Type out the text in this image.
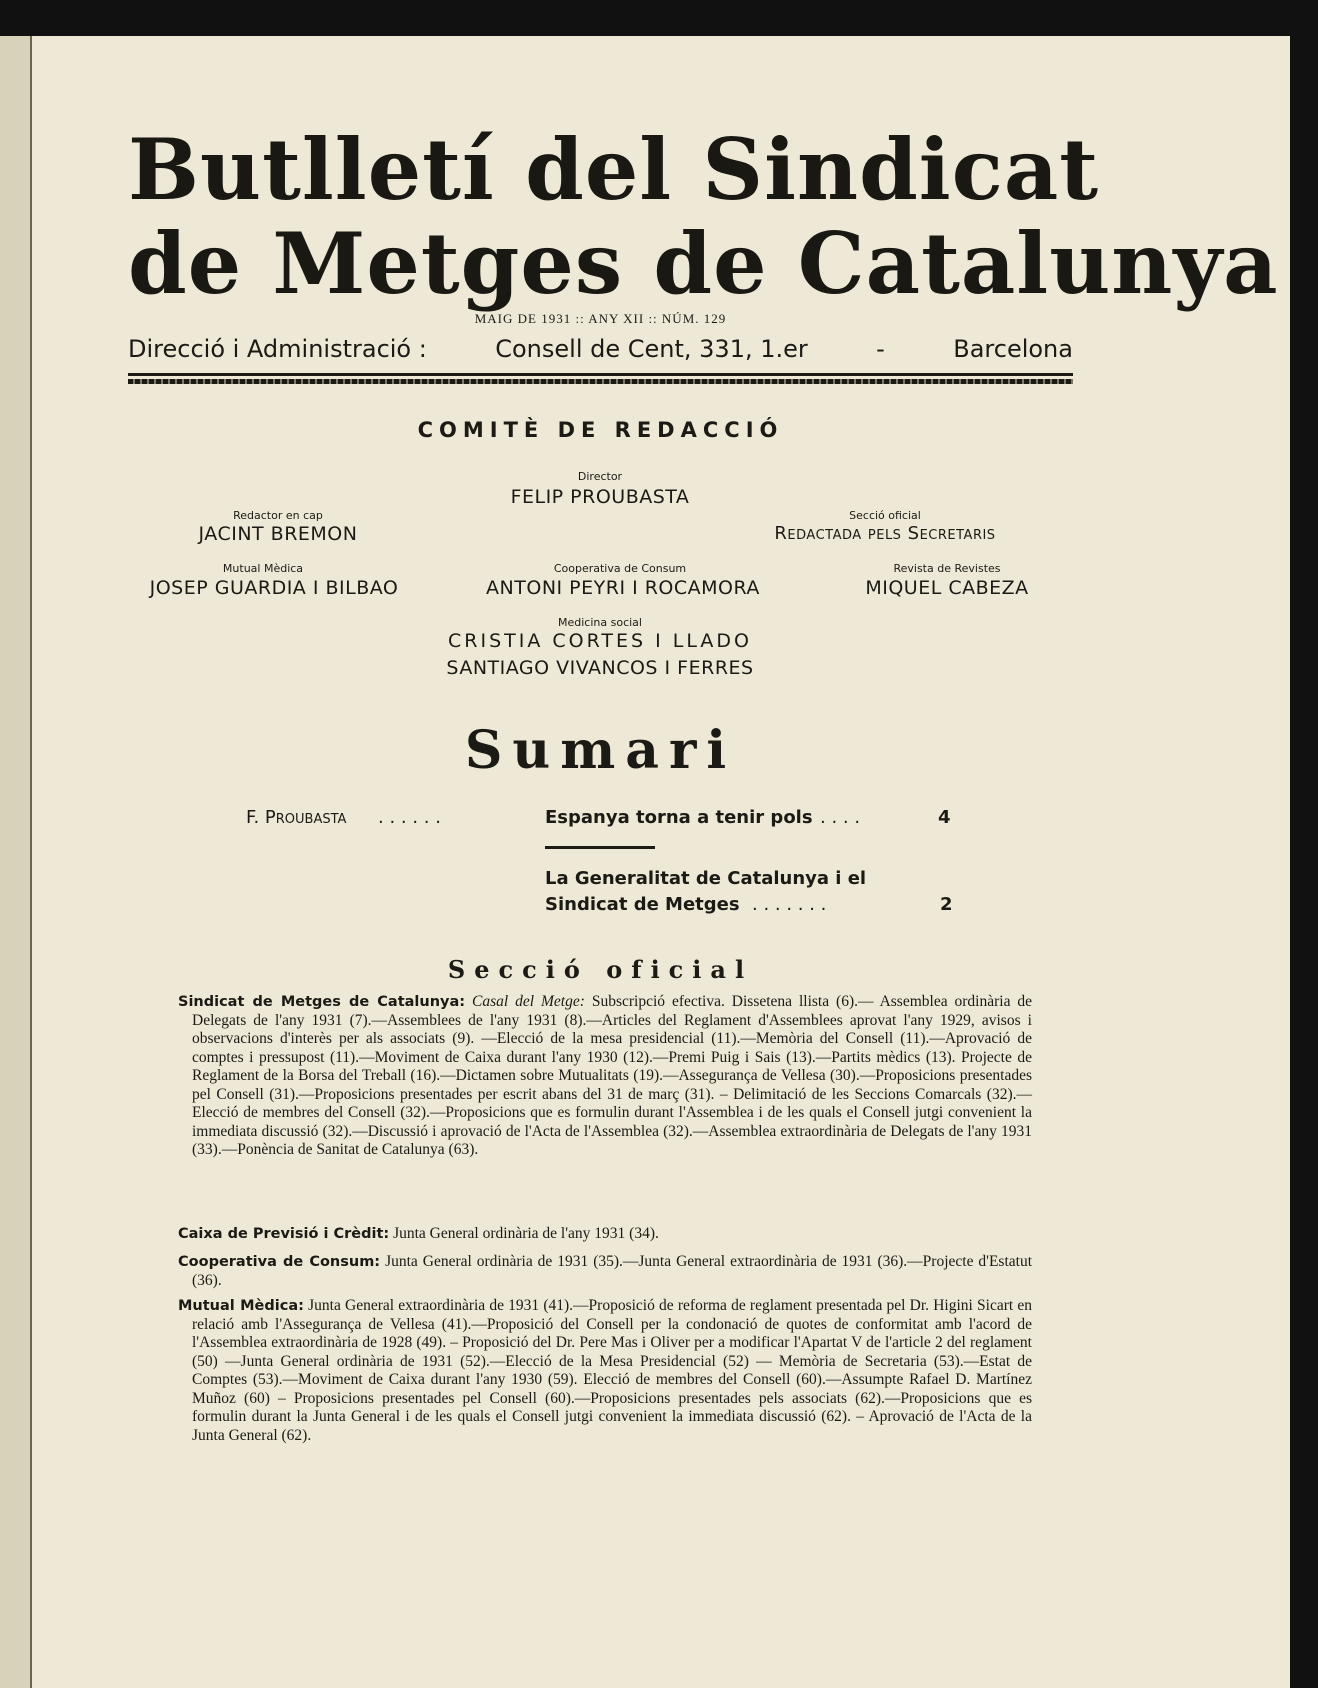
Butlletí del Sindicat
de Metges de Catalunya
MAIG DE 1931 :: ANY XII :: NÚM. 129
Direcció i Administració :	Consell de Cent, 331, 1.er	-	Barcelona
COMITÈ DE REDACCIÓ
Director
FELIP PROUBASTA
Redactor en cap
JACINT BREMON
Secció oficial
Redactada pels Secretaris
Mutual Mèdica
JOSEP GUARDIA I BILBAO
Cooperativa de Consum
ANTONI PEYRI I ROCAMORA
Revista de Revistes
MIQUEL CABEZA
Medicina social
CRISTIA CORTES I LLADO
SANTIAGO VIVANCOS I FERRES
Sumari
F. Proubasta . . . . . .	Espanya torna a tenir pols . . . .	4
La Generalitat de Catalunya i el
Sindicat de Metges . . . . . . .	2
Secció oficial
Sindicat de Metges de Catalunya: Casal del Metge: Subscripció efectiva. Dissetena llista (6).— Assemblea ordinària de Delegats de l'any 1931 (7).—Assemblees de l'any 1931 (8).—Articles del Reglament d'Assemblees aprovat l'any 1929, avisos i observacions d'interès per als associats (9). —Elecció de la mesa presidencial (11).—Memòria del Consell (11).—Aprovació de comptes i pressupost (11).—Moviment de Caixa durant l'any 1930 (12).—Premi Puig i Sais (13).—Partits mèdics (13). Projecte de Reglament de la Borsa del Treball (16).—Dictamen sobre Mutualitats (19).—Assegurança de Vellesa (30).—Proposicions presentades pel Consell (31).—Proposicions presentades per escrit abans del 31 de març (31). – Delimitació de les Seccions Comarcals (32).— Elecció de membres del Consell (32).—Proposicions que es formulin durant l'Assemblea i de les quals el Consell jutgi convenient la immediata discussió (32).—Discussió i aprovació de l'Acta de l'Assemblea (32).—Assemblea extraordinària de Delegats de l'any 1931 (33).—Ponència de Sanitat de Catalunya (63).
Caixa de Previsió i Crèdit: Junta General ordinària de l'any 1931 (34).
Cooperativa de Consum: Junta General ordinària de 1931 (35).—Junta General extraordinària de 1931 (36).—Projecte d'Estatut (36).
Mutual Mèdica: Junta General extraordinària de 1931 (41).—Proposició de reforma de reglament presentada pel Dr. Higini Sicart en relació amb l'Assegurança de Vellesa (41).—Proposició del Consell per la condonació de quotes de conformitat amb l'acord de l'Assemblea extraordinària de 1928 (49). – Proposició del Dr. Pere Mas i Oliver per a modificar l'Apartat V de l'article 2 del reglament (50) —Junta General ordinària de 1931 (52).—Elecció de la Mesa Presidencial (52) — Memòria de Secretaria (53).—Estat de Comptes (53).—Moviment de Caixa durant l'any 1930 (59). Elecció de membres del Consell (60).—Assumpte Rafael D. Martínez Muñoz (60) – Proposicions presentades pel Consell (60).—Proposicions presentades pels associats (62).—Proposicions que es formulin durant la Junta General i de les quals el Consell jutgi convenient la immediata discussió (62). – Aprovació de l'Acta de la Junta General (62).
